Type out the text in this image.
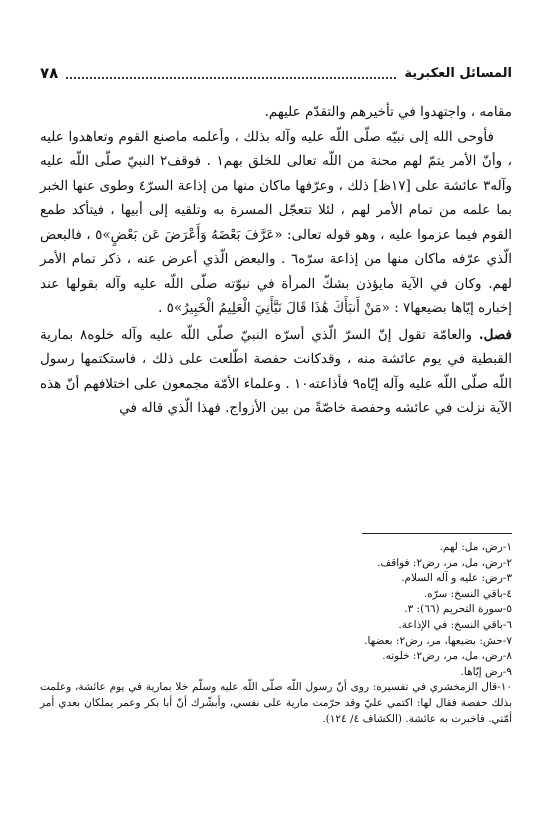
٧٨	المسائل العكبرية

مقامه ، واجتهدوا في تأخيرهم والتقدّم عليهم.

فأوحى الله إلى نبيّه صلّى اللّه عليه وآله بذلك ، وأعلمه ماصنع القوم وتعاهدوا عليه ، وأنّ الأمر يتمّ لهم محنة من اللّه تعالى للخلق بهم١ . فوقف٢ النبيّ صلّى اللّه عليه وآله٣ عائشة على [١٧ظ] ذلك ، وعرّفها ماكان منها من إذاعة السرّ٤ وطوى عنها الخبر بما علمه من تمام الأمر لهم ، لئلا تتعجّل المسرة به وتلقيه إلى أبيها ، فيتأكد طمع القوم فيما عزموا عليه ، وهو قوله تعالى: «عَرَّفَ بَعْضَهُ وَأَعْرَضَ عَن بَعْضٍ»٥ ، فالبعض الّذي عرّفه ماكان منها من إذاعة سرّه٦ . والبعض الّذي أعرض عنه ، ذكر تمام الأمر لهم. وكان في الآية مايؤذن بشكّ المرأة في نبوّته صلّى اللّه عليه وآله بقولها عند إخباره إيّاها بضيعها٧ : «مَنْ أَنبَأَكَ هَٰذَا قَالَ نَبَّأَنِيَ الْعَلِيمُ الْخَبِيرُ»٥ .

فصل. والعامّة تقول إنّ السرّ الّذي أسرّه النبيّ صلّى اللّه عليه وآله خلوه٨ بمارية القبطية في يوم عائشة منه ، وقدكانت حفصة اطّلعت على ذلك ، فاستكتمها رسول اللّه صلّى اللّه عليه وآله إيّاه٩ فأذاعته١٠ . وعلماء الأمّة مجمعون على اختلافهم أنّ هذه الآية نزلت في عائشه وحفصة خاصّةً من بين الأزواج. فهذا الّذي قاله في

١-رض، مل: لهم.
٢-رض، مل، مر، رض٢: فواقف.
٣-رض: عليه و آله السلام.
٤-باقي النسخ: سرّه.
٥-سورة التحريم (٦٦): ٣.
٦-باقي النسخ: في الإذاعة.
٧-حش: بضيعها، مر، رض٢: بعضها.
٨-رض، مل، مر، رض٢: خلوته.
٩-رض إيّاها.
١٠-قال الزمخشري في تفسيره: روى أنّ رسول اللّه صلّى اللّه عليه وسلّم خلا بمارية في يوم عائشة، وعلمت بذلك حفصة فقال لها: اكتمي عليّ وقد حرّمت مارية على نفسي، وأبشّرك أنّ أبا بكر وعمر يملكان بعدي أمر أمّتي. فاخبرت به عائشة. (الكشاف ٤/ ١٢٤).
